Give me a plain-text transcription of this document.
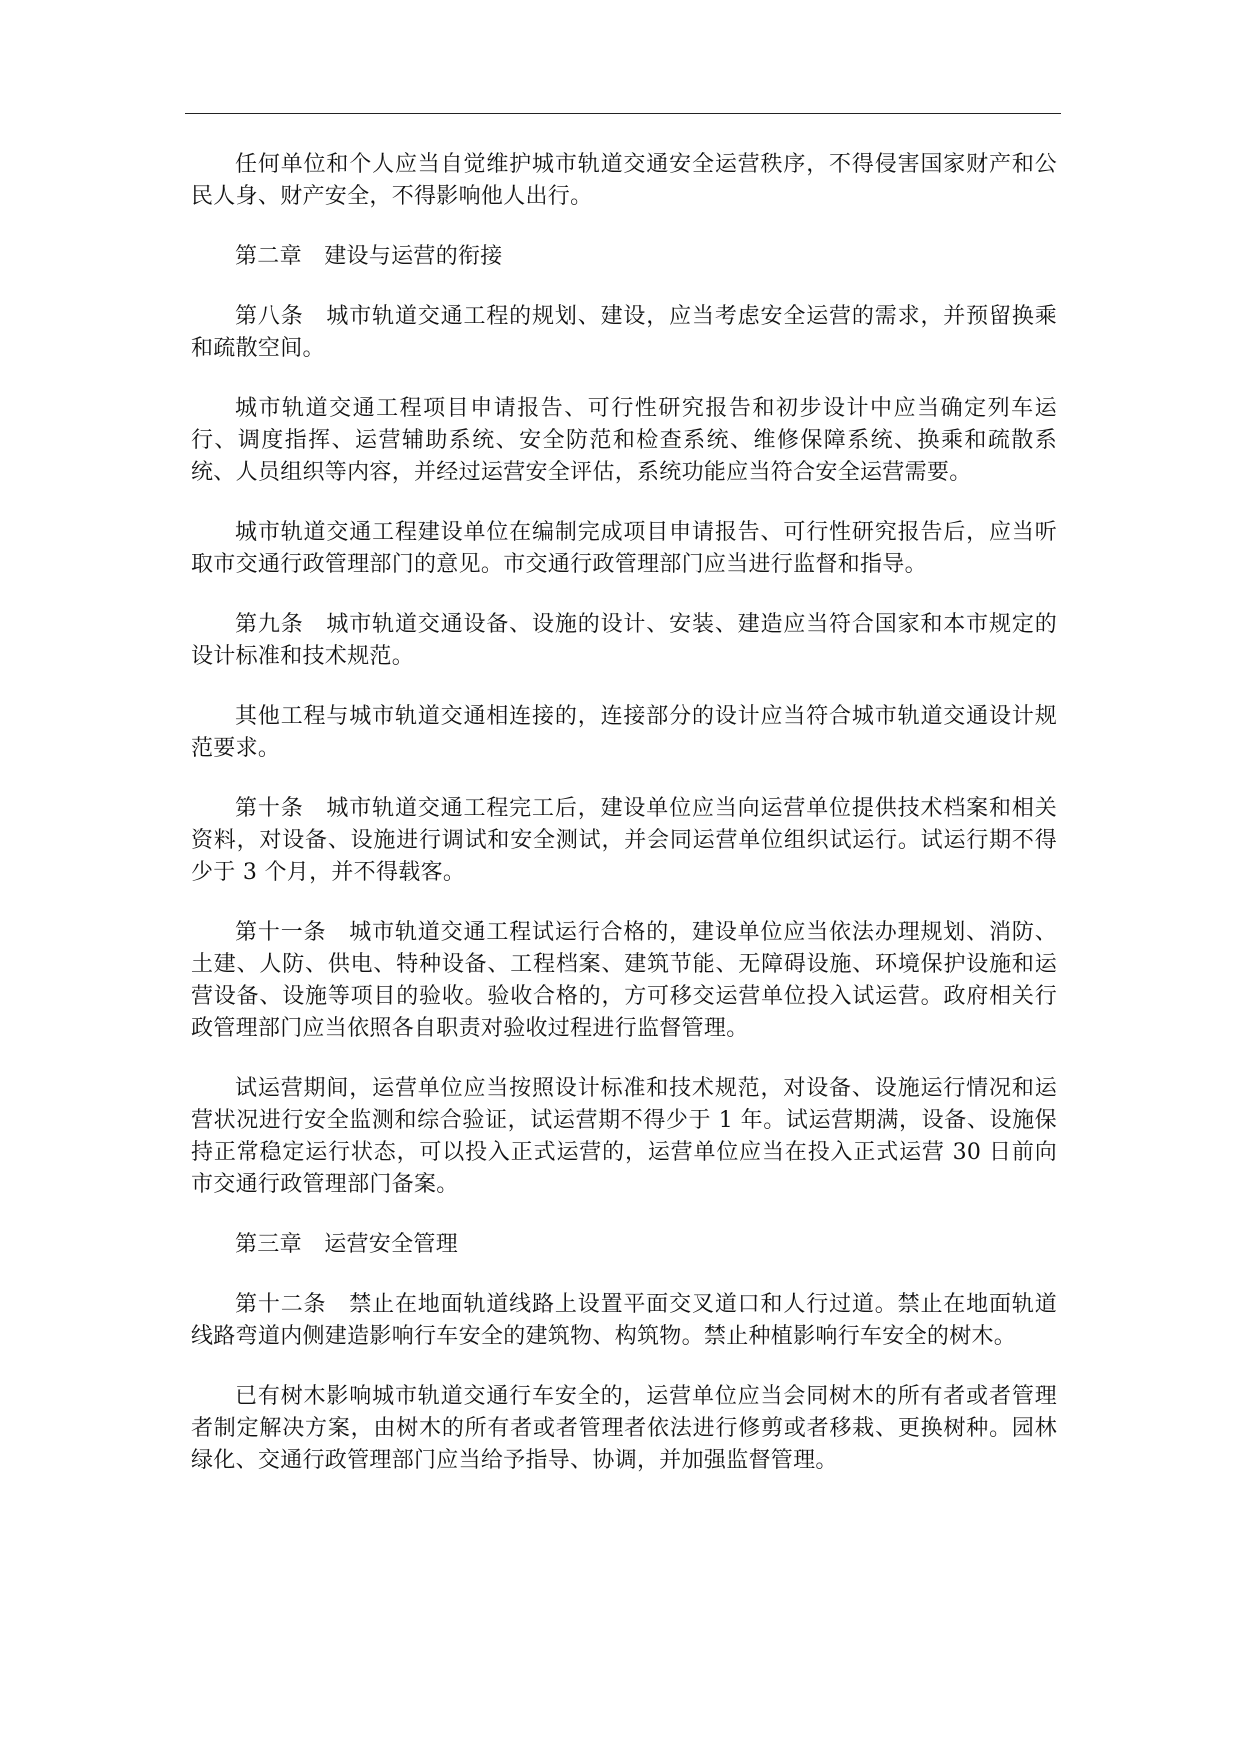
任何单位和个人应当自觉维护城市轨道交通安全运营秩序，不得侵害国家财产和公民人身、财产安全，不得影响他人出行。

第二章　建设与运营的衔接

第八条　城市轨道交通工程的规划、建设，应当考虑安全运营的需求，并预留换乘和疏散空间。

城市轨道交通工程项目申请报告、可行性研究报告和初步设计中应当确定列车运行、调度指挥、运营辅助系统、安全防范和检查系统、维修保障系统、换乘和疏散系统、人员组织等内容，并经过运营安全评估，系统功能应当符合安全运营需要。

城市轨道交通工程建设单位在编制完成项目申请报告、可行性研究报告后，应当听取市交通行政管理部门的意见。市交通行政管理部门应当进行监督和指导。

第九条　城市轨道交通设备、设施的设计、安装、建造应当符合国家和本市规定的设计标准和技术规范。

其他工程与城市轨道交通相连接的，连接部分的设计应当符合城市轨道交通设计规范要求。

第十条　城市轨道交通工程完工后，建设单位应当向运营单位提供技术档案和相关资料，对设备、设施进行调试和安全测试，并会同运营单位组织试运行。试运行期不得少于 3 个月，并不得载客。

第十一条　城市轨道交通工程试运行合格的，建设单位应当依法办理规划、消防、土建、人防、供电、特种设备、工程档案、建筑节能、无障碍设施、环境保护设施和运营设备、设施等项目的验收。验收合格的，方可移交运营单位投入试运营。政府相关行政管理部门应当依照各自职责对验收过程进行监督管理。

试运营期间，运营单位应当按照设计标准和技术规范，对设备、设施运行情况和运营状况进行安全监测和综合验证，试运营期不得少于 1 年。试运营期满，设备、设施保持正常稳定运行状态，可以投入正式运营的，运营单位应当在投入正式运营 30 日前向市交通行政管理部门备案。

第三章　运营安全管理

第十二条　禁止在地面轨道线路上设置平面交叉道口和人行过道。禁止在地面轨道线路弯道内侧建造影响行车安全的建筑物、构筑物。禁止种植影响行车安全的树木。

已有树木影响城市轨道交通行车安全的，运营单位应当会同树木的所有者或者管理者制定解决方案，由树木的所有者或者管理者依法进行修剪或者移栽、更换树种。园林绿化、交通行政管理部门应当给予指导、协调，并加强监督管理。
